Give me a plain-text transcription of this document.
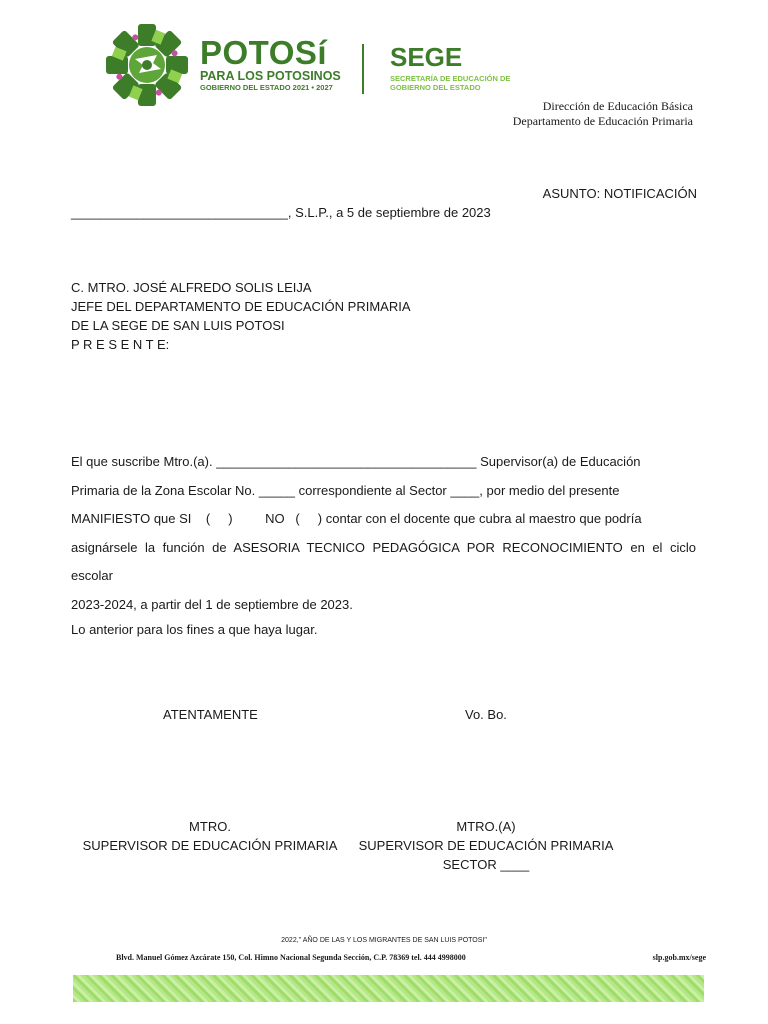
POTOSí
PARA LOS POTOSINOS
GOBIERNO DEL ESTADO 2021 • 2027
SEGE
SECRETARÍA DE EDUCACIÓN DE GOBIERNO DEL ESTADO
Dirección de Educación Básica
Departamento de Educación Primaria
ASUNTO: NOTIFICACIÓN
______________________________, S.L.P., a 5 de septiembre de 2023
C. MTRO. JOSÉ ALFREDO SOLIS LEIJA
JEFE DEL DEPARTAMENTO DE EDUCACIÓN PRIMARIA
DE LA SEGE DE SAN LUIS POTOSI
P R E S E N T E:
El que suscribe Mtro.(a). ____________________________________ Supervisor(a) de Educación
Primaria de la Zona Escolar No. _____ correspondiente al Sector ____, por medio del presente
MANIFIESTO que SI    (     )         NO   (     ) contar con el docente que cubra al maestro que podría
asignársele la función de ASESORIA TECNICO PEDAGÓGICA POR RECONOCIMIENTO en el ciclo escolar
2023-2024, a partir del 1 de septiembre de 2023.
Lo anterior para los fines a que haya lugar.
ATENTAMENTE	Vo. Bo.
MTRO.
SUPERVISOR DE EDUCACIÓN PRIMARIA
MTRO.(A)
SUPERVISOR DE EDUCACIÓN PRIMARIA
SECTOR ____
2022," AÑO DE LAS Y LOS MIGRANTES DE SAN LUIS POTOSI"
Blvd. Manuel Gómez Azcárate 150, Col. Himno Nacional Segunda Sección, C.P. 78369 tel. 444 4998000	slp.gob.mx/sege
